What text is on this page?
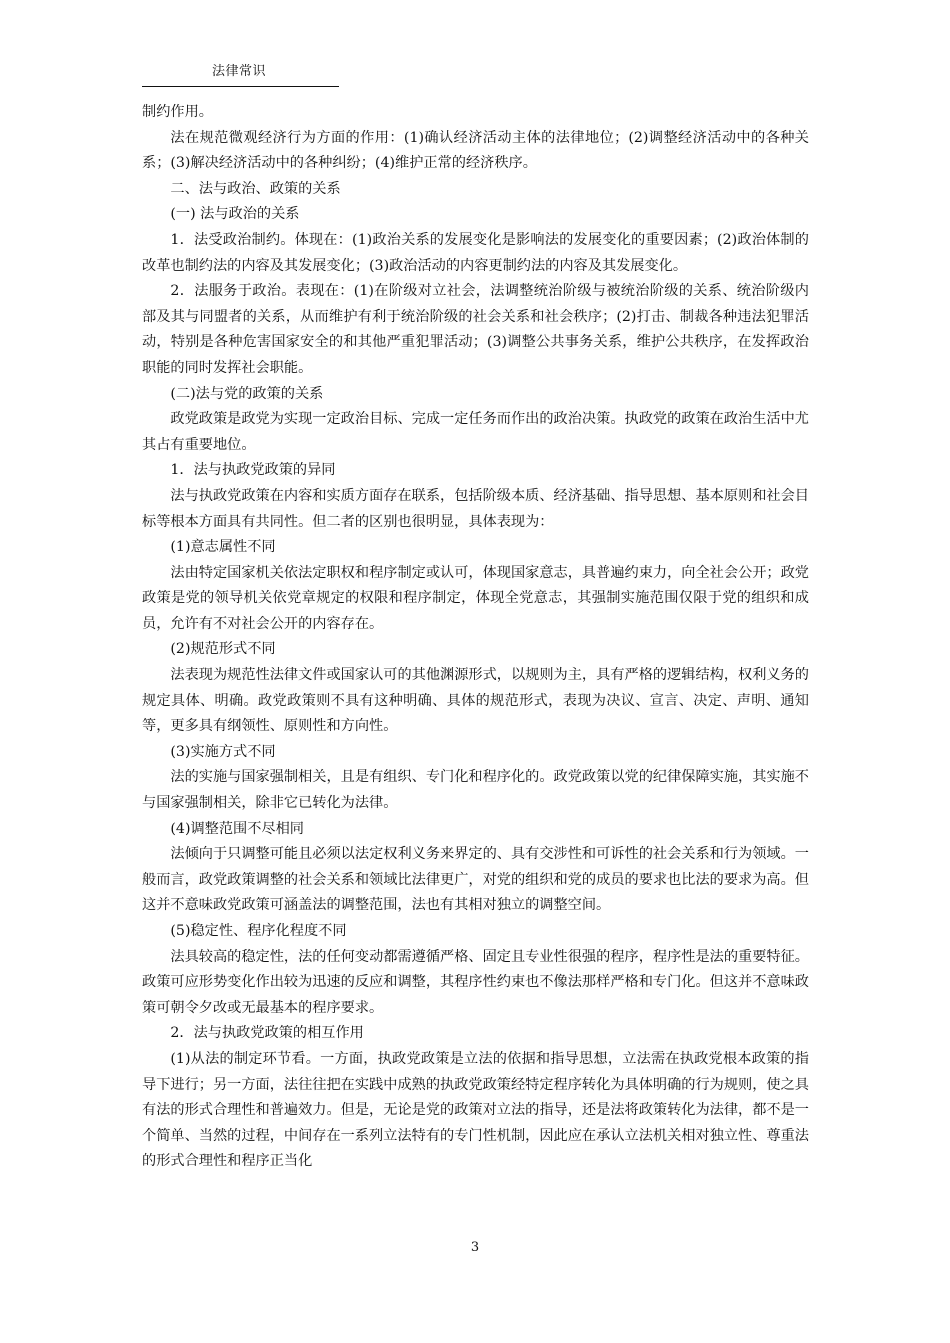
法律常识

制约作用。

法在规范微观经济行为方面的作用：(1)确认经济活动主体的法律地位；(2)调整经济活动中的各种关系；(3)解决经济活动中的各种纠纷；(4)维护正常的经济秩序。

二、法与政治、政策的关系

(一) 法与政治的关系

1．法受政治制约。体现在：(1)政治关系的发展变化是影响法的发展变化的重要因素；(2)政治体制的改革也制约法的内容及其发展变化；(3)政治活动的内容更制约法的内容及其发展变化。

2．法服务于政治。表现在：(1)在阶级对立社会，法调整统治阶级与被统治阶级的关系、统治阶级内部及其与同盟者的关系，从而维护有利于统治阶级的社会关系和社会秩序；(2)打击、制裁各种违法犯罪活动，特别是各种危害国家安全的和其他严重犯罪活动；(3)调整公共事务关系，维护公共秩序，在发挥政治职能的同时发挥社会职能。

(二)法与党的政策的关系

政党政策是政党为实现一定政治目标、完成一定任务而作出的政治决策。执政党的政策在政治生活中尤其占有重要地位。

1．法与执政党政策的异同

法与执政党政策在内容和实质方面存在联系，包括阶级本质、经济基础、指导思想、基本原则和社会目标等根本方面具有共同性。但二者的区别也很明显，具体表现为：

(1)意志属性不同

法由特定国家机关依法定职权和程序制定或认可，体现国家意志，具普遍约束力，向全社会公开；政党政策是党的领导机关依党章规定的权限和程序制定，体现全党意志，其强制实施范围仅限于党的组织和成员，允许有不对社会公开的内容存在。

(2)规范形式不同

法表现为规范性法律文件或国家认可的其他渊源形式，以规则为主，具有严格的逻辑结构，权利义务的规定具体、明确。政党政策则不具有这种明确、具体的规范形式，表现为决议、宣言、决定、声明、通知等，更多具有纲领性、原则性和方向性。

(3)实施方式不同

法的实施与国家强制相关，且是有组织、专门化和程序化的。政党政策以党的纪律保障实施，其实施不与国家强制相关，除非它已转化为法律。

(4)调整范围不尽相同

法倾向于只调整可能且必须以法定权利义务来界定的、具有交涉性和可诉性的社会关系和行为领域。一般而言，政党政策调整的社会关系和领域比法律更广，对党的组织和党的成员的要求也比法的要求为高。但这并不意味政党政策可涵盖法的调整范围，法也有其相对独立的调整空间。

(5)稳定性、程序化程度不同

法具较高的稳定性，法的任何变动都需遵循严格、固定且专业性很强的程序，程序性是法的重要特征。政策可应形势变化作出较为迅速的反应和调整，其程序性约束也不像法那样严格和专门化。但这并不意味政策可朝令夕改或无最基本的程序要求。

2．法与执政党政策的相互作用

(1)从法的制定环节看。一方面，执政党政策是立法的依据和指导思想，立法需在执政党根本政策的指导下进行；另一方面，法往往把在实践中成熟的执政党政策经特定程序转化为具体明确的行为规则，使之具有法的形式合理性和普遍效力。但是，无论是党的政策对立法的指导，还是法将政策转化为法律，都不是一个简单、当然的过程，中间存在一系列立法特有的专门性机制，因此应在承认立法机关相对独立性、尊重法的形式合理性和程序正当化

3
